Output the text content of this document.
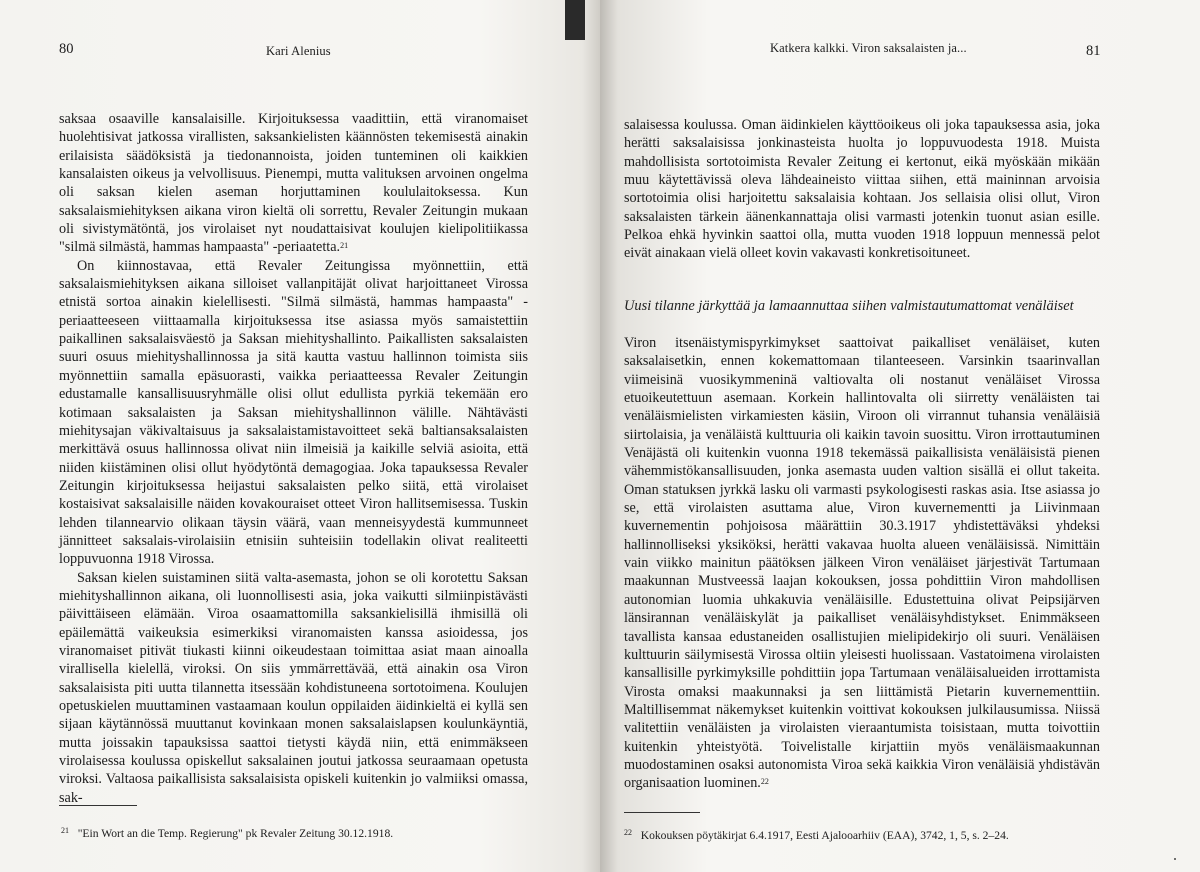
80	Kari Alenius

saksaa osaaville kansalaisille. Kirjoituksessa vaadittiin, että viranomaiset huolehtisivat jatkossa virallisten, saksankielisten käännösten tekemisestä ainakin erilaisista säädöksistä ja tiedonannoista, joiden tunteminen oli kaikkien kansalaisten oikeus ja velvollisuus. Pienempi, mutta valituksen arvoinen ongelma oli saksan kielen aseman horjuttaminen koululaitoksessa. Kun saksalaismiehityksen aikana viron kieltä oli sorrettu, Revaler Zeitungin mukaan oli sivistymätöntä, jos virolaiset nyt noudattaisivat koulujen kielipolitiikassa "silmä silmästä, hammas hampaasta" -periaatetta.$^{21}$

On kiinnostavaa, että Revaler Zeitungissa myönnettiin, että saksalaismiehityksen aikana silloiset vallanpitäjät olivat harjoittaneet Virossa etnistä sortoa ainakin kielellisesti. "Silmä silmästä, hammas hampaasta" -periaatteeseen viittaamalla kirjoituksessa itse asiassa myös samaistettiin paikallinen saksalaisväestö ja Saksan miehityshallinto. Paikallisten saksalaisten suuri osuus miehityshallinnossa ja sitä kautta vastuu hallinnon toimista siis myönnettiin samalla epäsuorasti, vaikka periaatteessa Revaler Zeitungin edustamalle kansallisuusryhmälle olisi ollut edullista pyrkiä tekemään ero kotimaan saksalaisten ja Saksan miehityshallinnon välille. Nähtävästi miehitysajan väkivaltaisuus ja saksalaistamistavoitteet sekä baltiansaksalaisten merkittävä osuus hallinnossa olivat niin ilmeisiä ja kaikille selviä asioita, että niiden kiistäminen olisi ollut hyödytöntä demagogiaa. Joka tapauksessa Revaler Zeitungin kirjoituksessa heijastui saksalaisten pelko siitä, että virolaiset kostaisivat saksalaisille näiden kovakouraiset otteet Viron hallitsemisessa. Tuskin lehden tilannearvio olikaan täysin väärä, vaan menneisyydestä kummunneet jännitteet saksalais-virolaisiin etnisiin suhteisiin todellakin olivat realiteetti loppuvuonna 1918 Virossa.

Saksan kielen suistaminen siitä valta-asemasta, johon se oli korotettu Saksan miehityshallinnon aikana, oli luonnollisesti asia, joka vaikutti silmiinpistävästi päivittäiseen elämään. Viroa osaamattomilla saksankielisillä ihmisillä oli epäilemättä vaikeuksia esimerkiksi viranomaisten kanssa asioidessa, jos viranomaiset pitivät tiukasti kiinni oikeudestaan toimittaa asiat maan ainoalla virallisella kielellä, viroksi. On siis ymmärrettävää, että ainakin osa Viron saksalaisista piti uutta tilannetta itsessään kohdistuneena sortotoimena. Koulujen opetuskielen muuttaminen vastaamaan koulun oppilaiden äidinkieltä ei kyllä sen sijaan käytännössä muuttanut kovinkaan monen saksalaislapsen koulunkäyntiä, mutta joissakin tapauksissa saattoi tietysti käydä niin, että enimmäkseen virolaisessa koulussa opiskellut saksalainen joutui jatkossa seuraamaan opetusta viroksi. Valtaosa paikallisista saksalaisista opiskeli kuitenkin jo valmiiksi omassa, sak-

$^{21}$ "Ein Wort an die Temp. Regierung" pk Revaler Zeitung 30.12.1918.
Katkera kalkki. Viron saksalaisten ja...	81

salaisessa koulussa. Oman äidinkielen käyttöoikeus oli joka tapauksessa asia, joka herätti saksalaisissa jonkinasteista huolta jo loppuvuodesta 1918. Muista mahdollisista sortotoimista Revaler Zeitung ei kertonut, eikä myöskään mikään muu käytettävissä oleva lähdeaineisto viittaa siihen, että maininnan arvoisia sortotoimia olisi harjoitettu saksalaisia kohtaan. Jos sellaisia olisi ollut, Viron saksalaisten tärkein äänenkannattaja olisi varmasti jotenkin tuonut asian esille. Pelkoa ehkä hyvinkin saattoi olla, mutta vuoden 1918 loppuun mennessä pelot eivät ainakaan vielä olleet kovin vakavasti konkretisoituneet.

Uusi tilanne järkyttää ja lamaannuttaa siihen valmistautumattomat venäläiset

Viron itsenäistymispyrkimykset saattoivat paikalliset venäläiset, kuten saksalaisetkin, ennen kokemattomaan tilanteeseen. Varsinkin tsaarinvallan viimeisinä vuosikymmeninä valtiovalta oli nostanut venäläiset Virossa etuoikeutettuun asemaan. Korkein hallintovalta oli siirretty venäläisten tai venäläismielisten virkamiesten käsiin, Viroon oli virrannut tuhansia venäläisiä siirtolaisia, ja venäläistä kulttuuria oli kaikin tavoin suosittu. Viron irrottautuminen Venäjästä oli kuitenkin vuonna 1918 tekemässä paikallisista venäläisistä pienen vähemmistökansallisuuden, jonka asemasta uuden valtion sisällä ei ollut takeita. Oman statuksen jyrkkä lasku oli varmasti psykologisesti raskas asia. Itse asiassa jo se, että virolaisten asuttama alue, Viron kuvernementti ja Liivinmaan kuvernementin pohjoisosa määrättiin 30.3.1917 yhdistettäväksi yhdeksi hallinnolliseksi yksiköksi, herätti vakavaa huolta alueen venäläisissä. Nimittäin vain viikko mainitun päätöksen jälkeen Viron venäläiset järjestivät Tartumaan maakunnan Mustveessä laajan kokouksen, jossa pohdittiin Viron mahdollisen autonomian luomia uhkakuvia venäläisille. Edustettuina olivat Peipsijärven länsirannan venäläiskylät ja paikalliset venäläisyhdistykset. Enimmäkseen tavallista kansaa edustaneiden osallistujien mielipidekirjo oli suuri. Venäläisen kulttuurin säilymisestä Virossa oltiin yleisesti huolissaan. Vastatoimena virolaisten kansallisille pyrkimyksille pohdittiin jopa Tartumaan venäläisalueiden irrottamista Virosta omaksi maakunnaksi ja sen liittämistä Pietarin kuvernementtiin. Maltillisemmat näkemykset kuitenkin voittivat kokouksen julkilausumissa. Niissä valitettiin venäläisten ja virolaisten vieraantumista toisistaan, mutta toivottiin kuitenkin yhteistyötä. Toivelistalle kirjattiin myös venäläismaakunnan muodostaminen osaksi autonomista Viroa sekä kaikkia Viron venäläisiä yhdistävän organisaation luominen.$^{22}$

$^{22}$ Kokouksen pöytäkirjat 6.4.1917, Eesti Ajalooarhiiv (EAA), 3742, 1, 5, s. 2–24.
